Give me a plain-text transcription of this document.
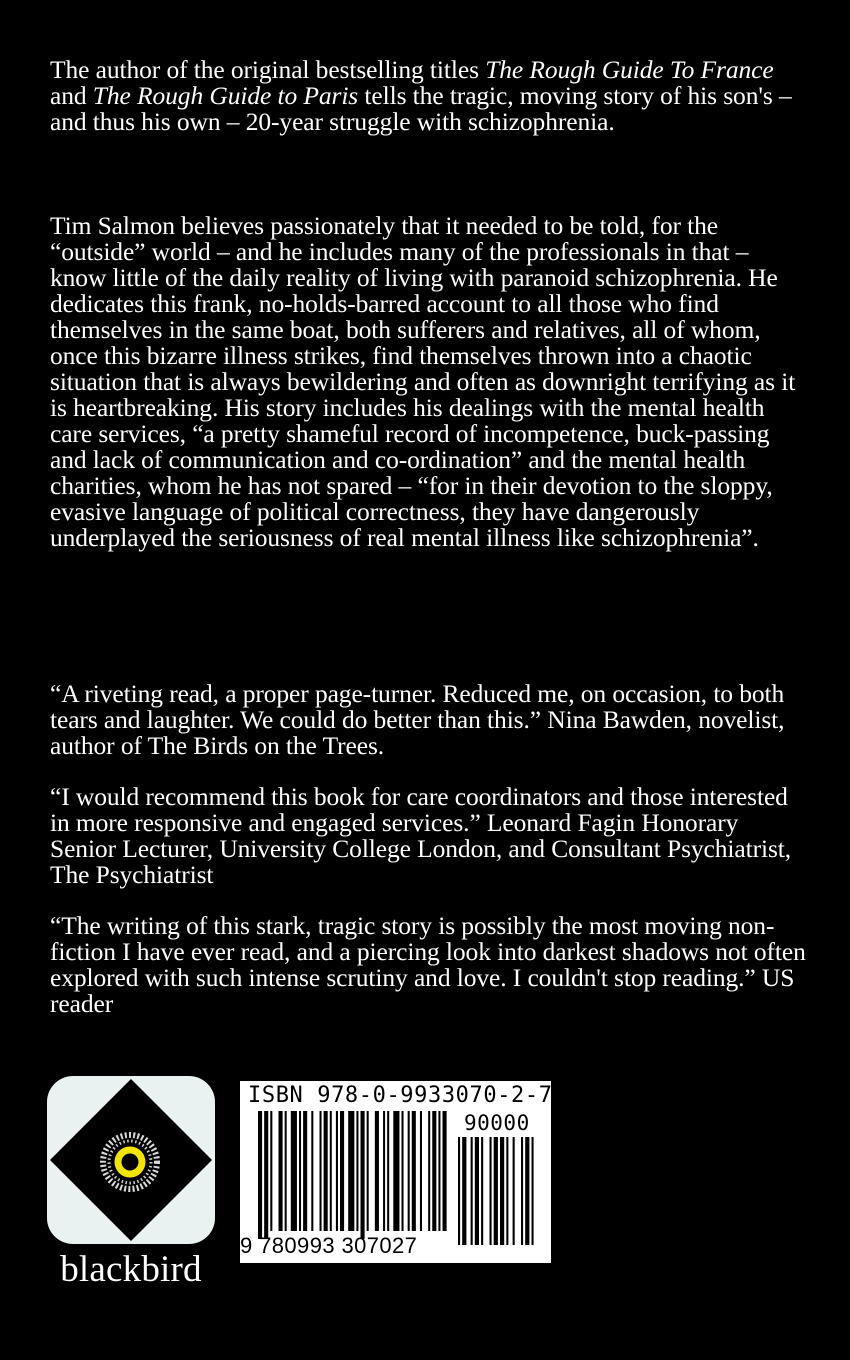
The author of the original bestselling titles The Rough Guide To France and The Rough Guide to Paris tells the tragic, moving story of his son's – and thus his own – 20-year struggle with schizophrenia.

Tim Salmon believes passionately that it needed to be told, for the “outside” world – and he includes many of the professionals in that – know little of the daily reality of living with paranoid schizophrenia. He dedicates this frank, no-holds-barred account to all those who find themselves in the same boat, both sufferers and relatives, all of whom, once this bizarre illness strikes, find themselves thrown into a chaotic situation that is always bewildering and often as downright terrifying as it is heartbreaking. His story includes his dealings with the mental health care services, “a pretty shameful record of incompetence, buck-passing and lack of communication and co-ordination” and the mental health charities, whom he has not spared – “for in their devotion to the sloppy, evasive language of political correctness, they have dangerously underplayed the seriousness of real mental illness like schizophrenia”.

“A riveting read, a proper page-turner. Reduced me, on occasion, to both tears and laughter. We could do better than this.” Nina Bawden, novelist, author of The Birds on the Trees.

“I would recommend this book for care coordinators and those interested in more responsive and engaged services.” Leonard Fagin Honorary Senior Lecturer, University College London, and Consultant Psychiatrist, The Psychiatrist

“The writing of this stark, tragic story is possibly the most moving non-fiction I have ever read, and a piercing look into darkest shadows not often explored with such intense scrutiny and love. I couldn't stop reading.” US reader

blackbird
ISBN 978-0-9933070-2-7
90000
9 780993 307027
